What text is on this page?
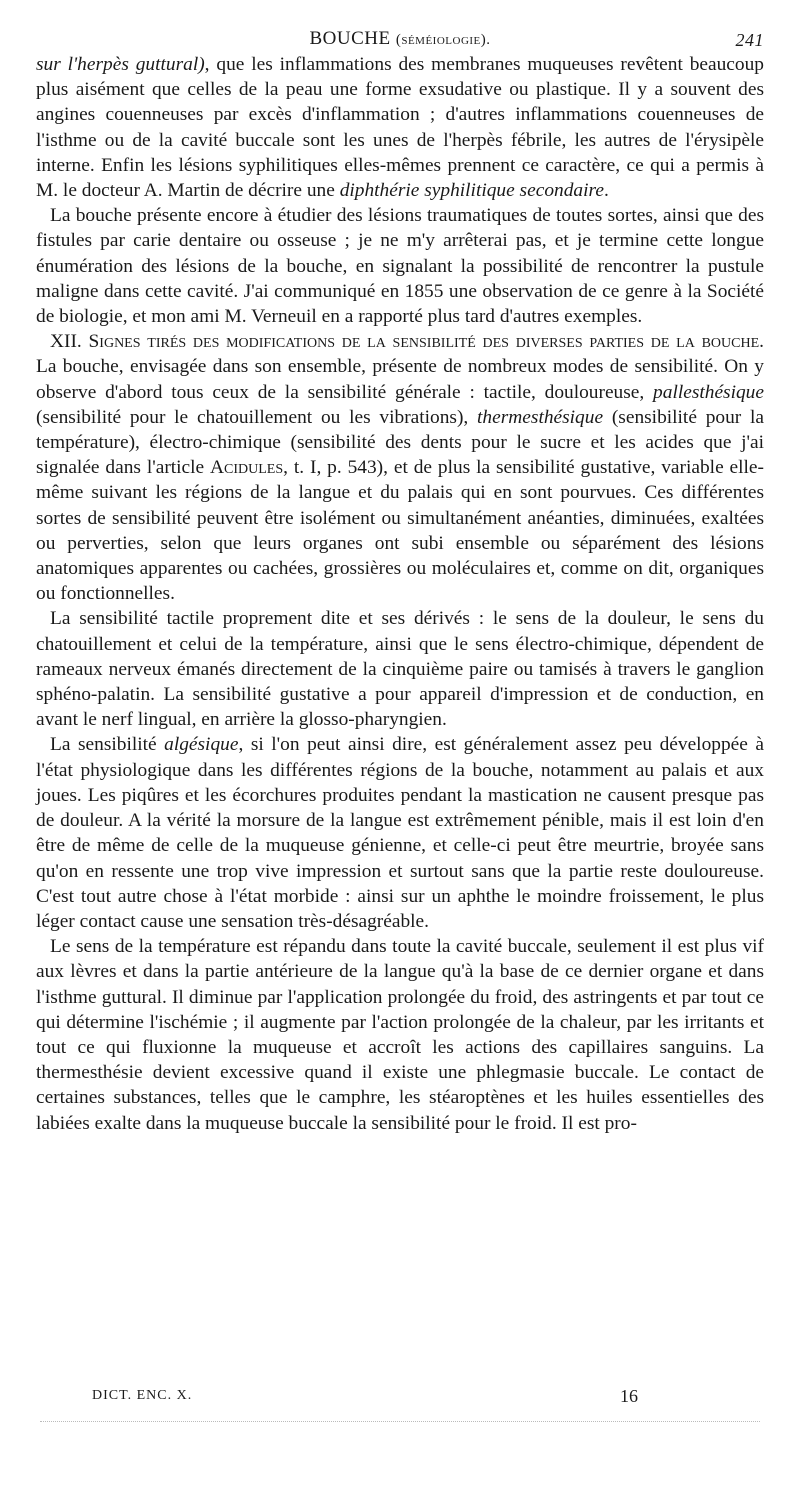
BOUCHE (séméiologie).	241

sur l'herpès guttural), que les inflammations des membranes muqueuses revêtent beaucoup plus aisément que celles de la peau une forme exsudative ou plastique. Il y a souvent des angines couenneuses par excès d'inflammation ; d'autres inflammations couenneuses de l'isthme ou de la cavité buccale sont les unes de l'herpès fébrile, les autres de l'érysipèle interne. Enfin les lésions syphilitiques elles-mêmes prennent ce caractère, ce qui a permis à M. le docteur A. Martin de décrire une diphthérie syphilitique secondaire.

La bouche présente encore à étudier des lésions traumatiques de toutes sortes, ainsi que des fistules par carie dentaire ou osseuse ; je ne m'y arrêterai pas, et je termine cette longue énumération des lésions de la bouche, en signalant la possibilité de rencontrer la pustule maligne dans cette cavité. J'ai communiqué en 1855 une observation de ce genre à la Société de biologie, et mon ami M. Verneuil en a rapporté plus tard d'autres exemples.

XII. Signes tirés des modifications de la sensibilité des diverses parties de la bouche. La bouche, envisagée dans son ensemble, présente de nombreux modes de sensibilité. On y observe d'abord tous ceux de la sensibilité générale : tactile, douloureuse, pallesthésique (sensibilité pour le chatouillement ou les vibrations), thermesthésique (sensibilité pour la température), électro-chimique (sensibilité des dents pour le sucre et les acides que j'ai signalée dans l'article Acidules, t. I, p. 543), et de plus la sensibilité gustative, variable elle-même suivant les régions de la langue et du palais qui en sont pourvues. Ces différentes sortes de sensibilité peuvent être isolément ou simultanément anéanties, diminuées, exaltées ou perverties, selon que leurs organes ont subi ensemble ou séparément des lésions anatomiques apparentes ou cachées, grossières ou moléculaires et, comme on dit, organiques ou fonctionnelles.

La sensibilité tactile proprement dite et ses dérivés : le sens de la douleur, le sens du chatouillement et celui de la température, ainsi que le sens électro-chimique, dépendent de rameaux nerveux émanés directement de la cinquième paire ou tamisés à travers le ganglion sphéno-palatin. La sensibilité gustative a pour appareil d'impression et de conduction, en avant le nerf lingual, en arrière la glosso-pharyngien.

La sensibilité algésique, si l'on peut ainsi dire, est généralement assez peu développée à l'état physiologique dans les différentes régions de la bouche, notamment au palais et aux joues. Les piqûres et les écorchures produites pendant la mastication ne causent presque pas de douleur. A la vérité la morsure de la langue est extrêmement pénible, mais il est loin d'en être de même de celle de la muqueuse génienne, et celle-ci peut être meurtrie, broyée sans qu'on en ressente une trop vive impression et surtout sans que la partie reste douloureuse. C'est tout autre chose à l'état morbide : ainsi sur un aphthe le moindre froissement, le plus léger contact cause une sensation très-désagréable.

Le sens de la température est répandu dans toute la cavité buccale, seulement il est plus vif aux lèvres et dans la partie antérieure de la langue qu'à la base de ce dernier organe et dans l'isthme guttural. Il diminue par l'application prolongée du froid, des astringents et par tout ce qui détermine l'ischémie ; il augmente par l'action prolongée de la chaleur, par les irritants et tout ce qui fluxionne la muqueuse et accroît les actions des capillaires sanguins. La thermesthésie devient excessive quand il existe une phlegmasie buccale. Le contact de certaines substances, telles que le camphre, les stéaroptènes et les huiles essentielles des labiées exalte dans la muqueuse buccale la sensibilité pour le froid. Il est pro-

DICT. ENC. X.	16
